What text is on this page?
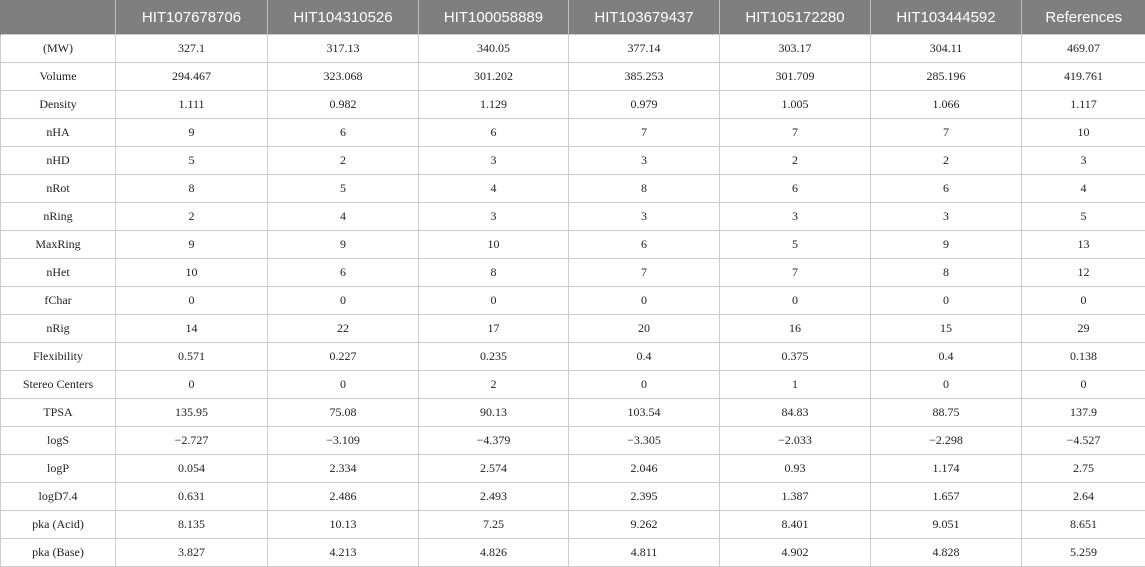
	HIT107678706	HIT104310526	HIT100058889	HIT103679437	HIT105172280	HIT103444592	References
(MW)	327.1	317.13	340.05	377.14	303.17	304.11	469.07
Volume	294.467	323.068	301.202	385.253	301.709	285.196	419.761
Density	1.111	0.982	1.129	0.979	1.005	1.066	1.117
nHA	9	6	6	7	7	7	10
nHD	5	2	3	3	2	2	3
nRot	8	5	4	8	6	6	4
nRing	2	4	3	3	3	3	5
MaxRing	9	9	10	6	5	9	13
nHet	10	6	8	7	7	8	12
fChar	0	0	0	0	0	0	0
nRig	14	22	17	20	16	15	29
Flexibility	0.571	0.227	0.235	0.4	0.375	0.4	0.138
Stereo Centers	0	0	2	0	1	0	0
TPSA	135.95	75.08	90.13	103.54	84.83	88.75	137.9
logS	−2.727	−3.109	−4.379	−3.305	−2.033	−2.298	−4.527
logP	0.054	2.334	2.574	2.046	0.93	1.174	2.75
logD7.4	0.631	2.486	2.493	2.395	1.387	1.657	2.64
pka (Acid)	8.135	10.13	7.25	9.262	8.401	9.051	8.651
pka (Base)	3.827	4.213	4.826	4.811	4.902	4.828	5.259
